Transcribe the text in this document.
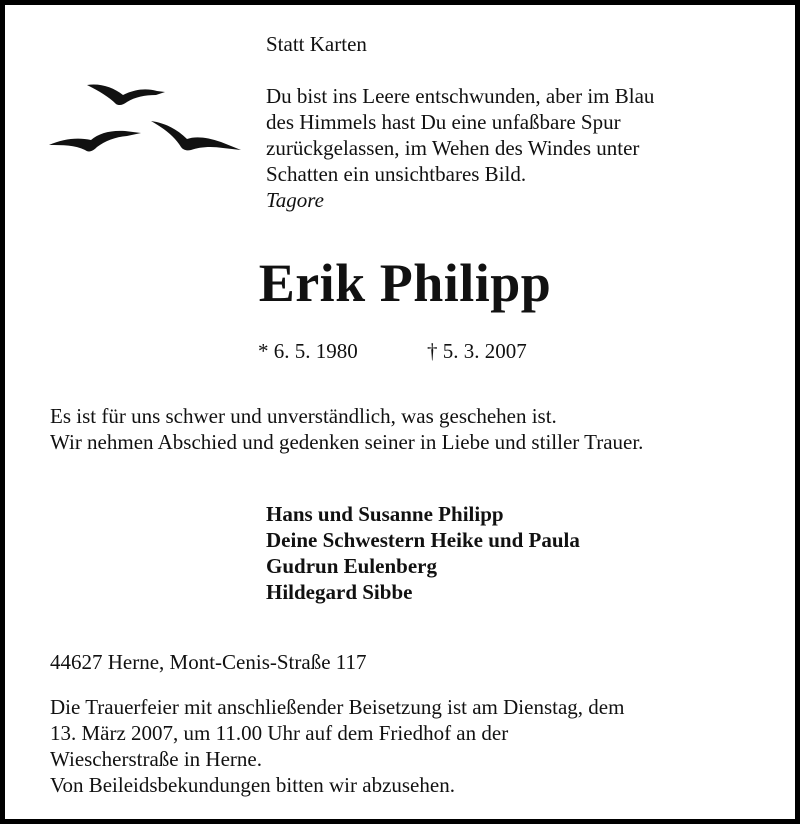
Statt Karten
Du bist ins Leere entschwunden, aber im Blau
des Himmels hast Du eine unfaßbare Spur
zurückgelassen, im Wehen des Windes unter
Schatten ein unsichtbares Bild.
Tagore
Erik Philipp
* 6. 5. 1980	† 5. 3. 2007
Es ist für uns schwer und unverständlich, was geschehen ist.
Wir nehmen Abschied und gedenken seiner in Liebe und stiller Trauer.
Hans und Susanne Philipp
Deine Schwestern Heike und Paula
Gudrun Eulenberg
Hildegard Sibbe
44627 Herne, Mont-Cenis-Straße 117
Die Trauerfeier mit anschließender Beisetzung ist am Dienstag, dem
13. März 2007, um 11.00 Uhr auf dem Friedhof an der
Wiescherstraße in Herne.
Von Beileidsbekundungen bitten wir abzusehen.
